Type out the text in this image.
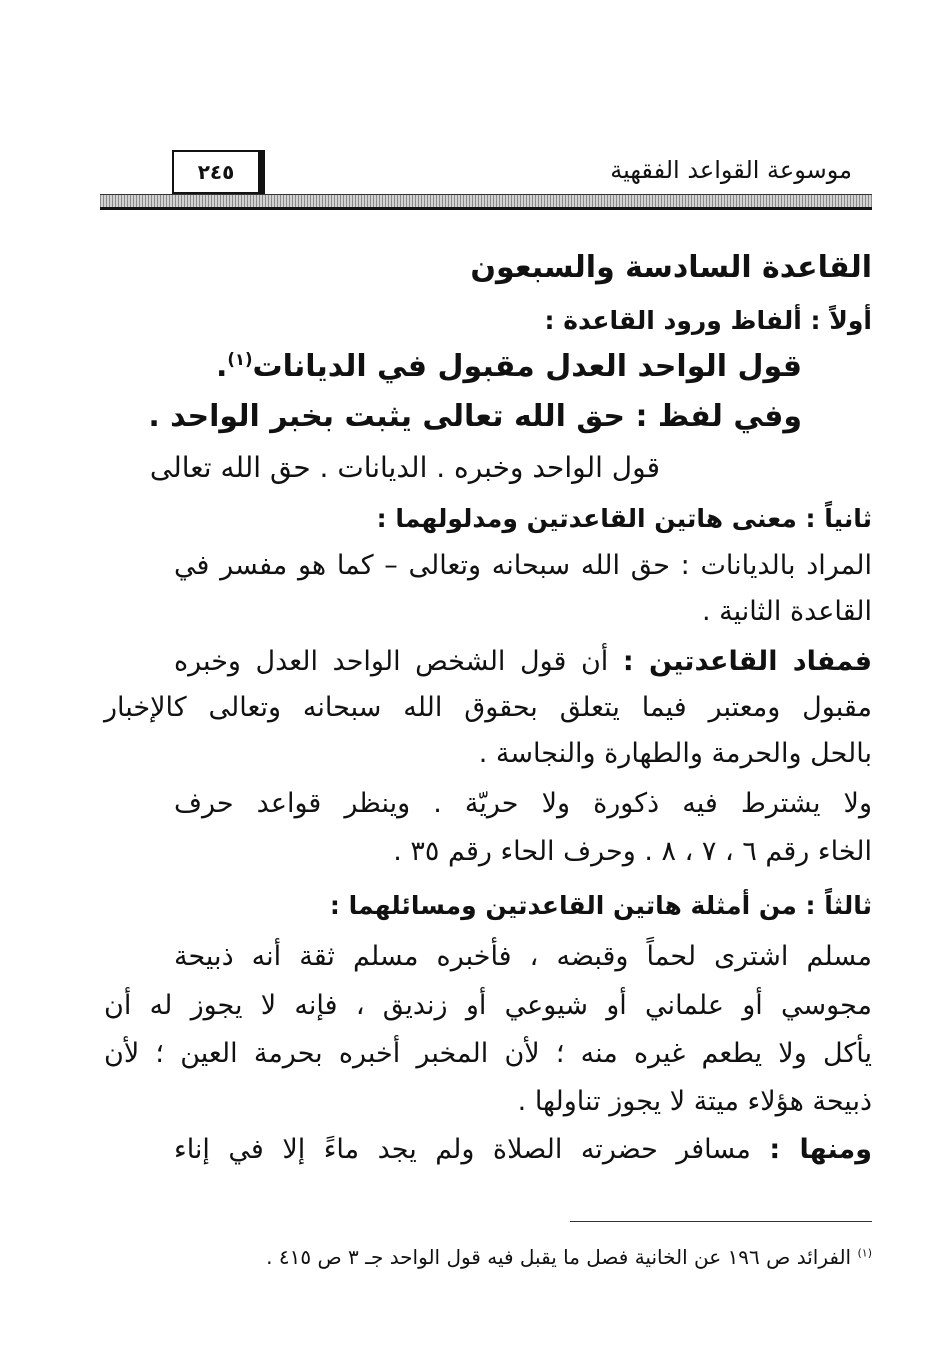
موسوعة القواعد الفقهية
٢٤٥
القاعدة السادسة والسبعون
أولاً : ألفاظ ورود القاعدة :
قول الواحد العدل مقبول في الديانات$^{(١)}$.
وفي لفظ : حق الله تعالى يثبت بخبر الواحد .
قول الواحد وخبره . الديانات . حق الله تعالى
ثانياً : معنى هاتين القاعدتين ومدلولهما :
المراد بالديانات : حق الله سبحانه وتعالى – كما هو مفسر في
القاعدة الثانية .
فمفاد القاعدتين : أن قول الشخص الواحد العدل وخبره
مقبول ومعتبر فيما يتعلق بحقوق الله سبحانه وتعالى كالإخبار
بالحل والحرمة والطهارة والنجاسة .
ولا يشترط فيه ذكورة ولا حريّة . وينظر قواعد حرف
الخاء رقم ٦ ، ٧ ، ٨ . وحرف الحاء رقم ٣٥ .
ثالثاً : من أمثلة هاتين القاعدتين ومسائلهما :
مسلم اشترى لحماً وقبضه ، فأخبره مسلم ثقة أنه ذبيحة
مجوسي أو علماني أو شيوعي أو زنديق ، فإنه لا يجوز له أن
يأكل ولا يطعم غيره منه ؛ لأن المخبر أخبره بحرمة العين ؛ لأن
ذبيحة هؤلاء ميتة لا يجوز تناولها .
ومنها : مسافر حضرته الصلاة ولم يجد ماءً إلا في إناء
$^{(١)}$ الفرائد ص ١٩٦ عن الخانية فصل ما يقبل فيه قول الواحد جـ ٣ ص ٤١٥ .
